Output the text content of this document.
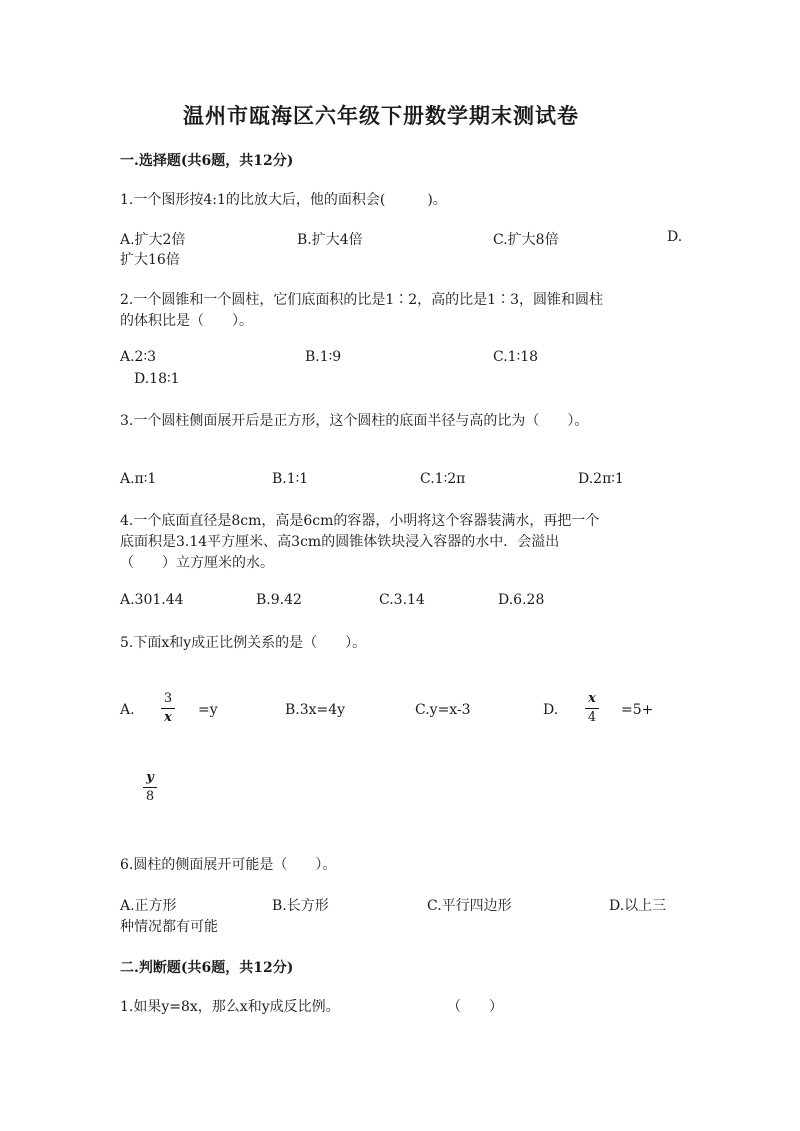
温州市瓯海区六年级下册数学期末测试卷
一.选择题(共6题，共12分)
1.一个图形按4:1的比放大后，他的面积会(　　　)。
A.扩大2倍	B.扩大4倍	C.扩大8倍	D.
扩大16倍
2.一个圆锥和一个圆柱，它们底面积的比是1∶2，高的比是1∶3，圆锥和圆柱
的体积比是（　　）。
A.2∶3	B.1∶9	C.1∶18
D.18∶1
3.一个圆柱侧面展开后是正方形，这个圆柱的底面半径与高的比为（　　）。
A.π∶1	B.1∶1	C.1∶2π	D.2π∶1
4.一个底面直径是8cm，高是6cm的容器，小明将这个容器装满水，再把一个
底面积是3.14平方厘米、高3cm的圆锥体铁块浸入容器的水中．会溢出
（　　）立方厘米的水。
A.301.44	B.9.42	C.3.14	D.6.28
5.下面x和y成正比例关系的是（　　）。
A.
3
x =y	B.3x=4y	C.y=x-3	D.
x
4 =5+
y
8
6.圆柱的侧面展开可能是（　　）。
A.正方形	B.长方形	C.平行四边形	D.以上三
种情况都有可能
二.判断题(共6题，共12分)
1.如果y=8x，那么x和y成反比例。	（　　）
